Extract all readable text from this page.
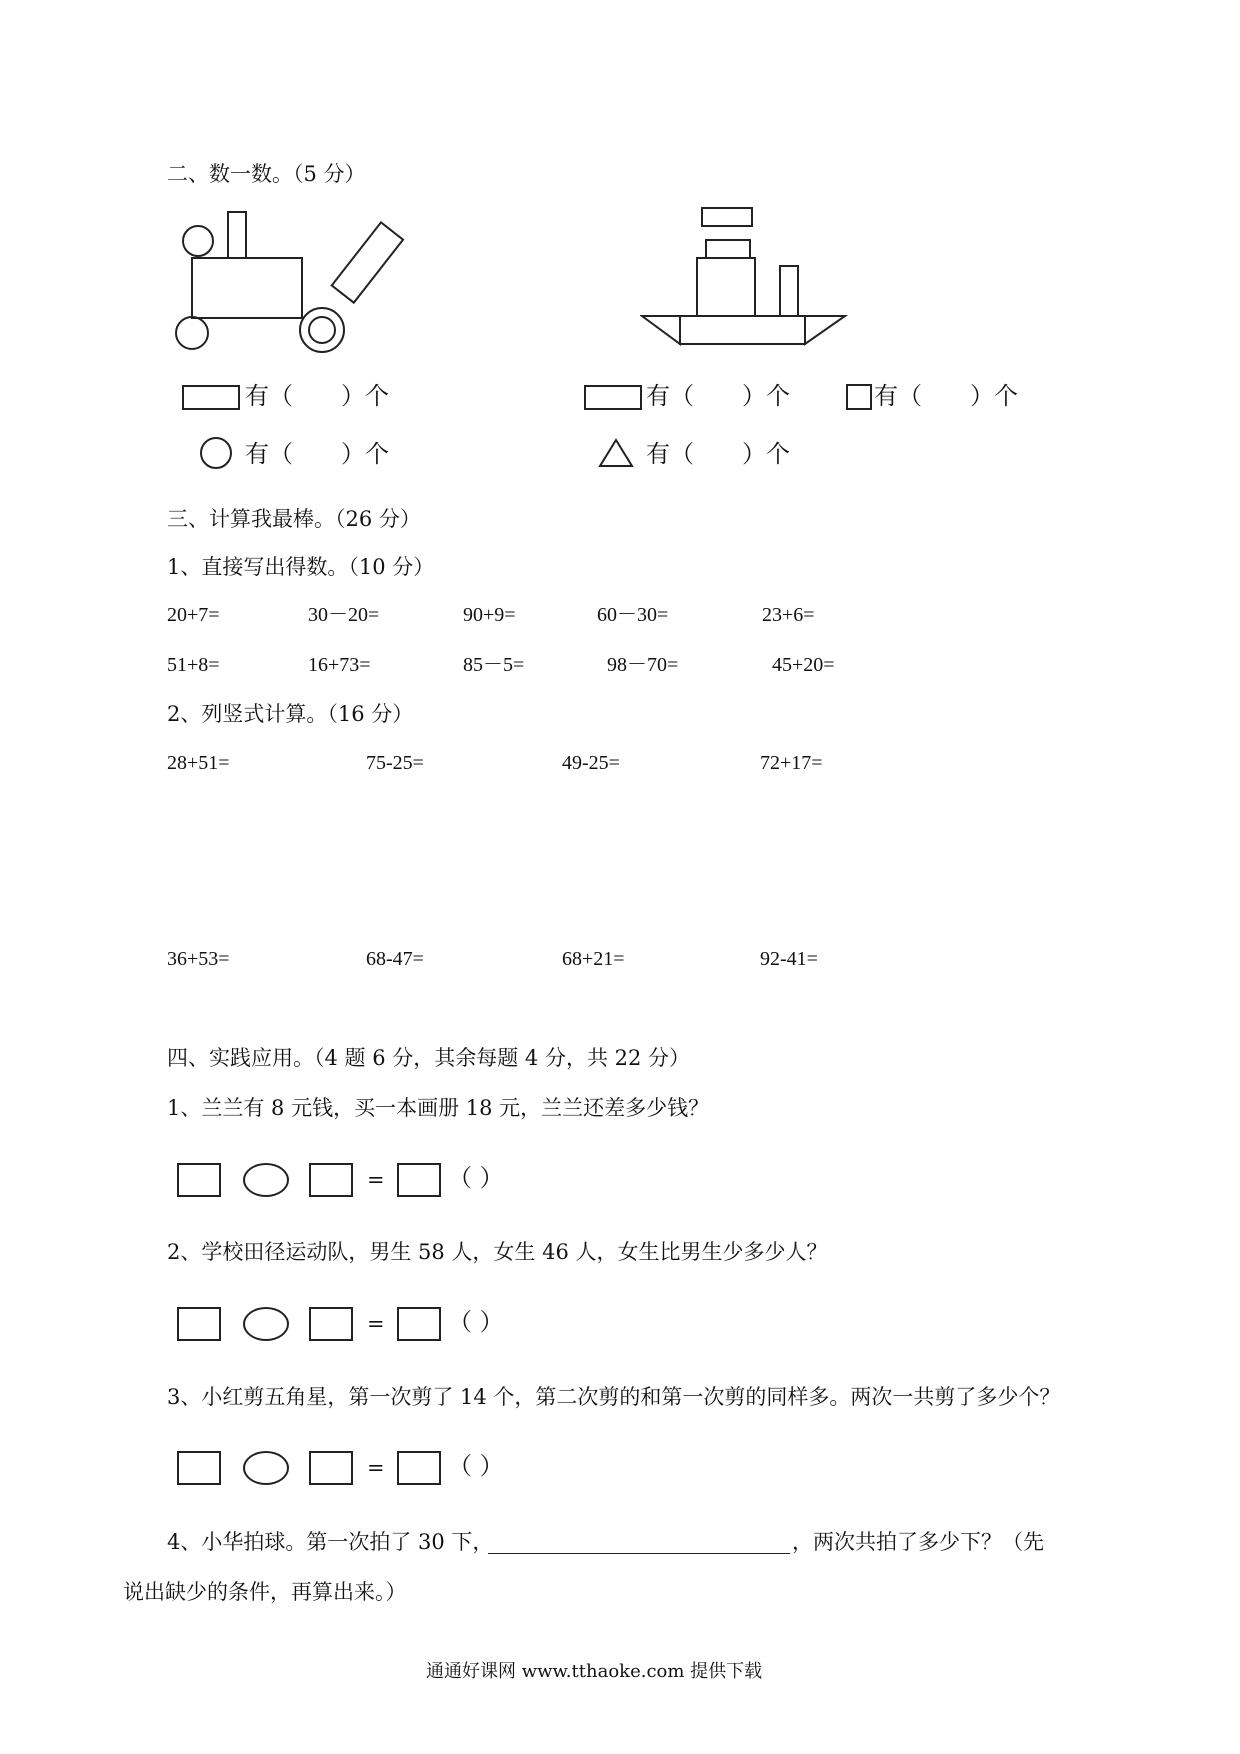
二、数一数。（5 分）
有（　　）个
有（　　）个
有（　　）个	有（　　）个
有（　　）个
三、计算我最棒。（26 分）
1、直接写出得数。（10 分）
20+7=	30－20=	90+9=	60－30=	23+6=
51+8=	16+73=	85－5=	98－70=	45+20=
2、列竖式计算。（16 分）
28+51=	75-25=	49-25=	72+17=
36+53=	68-47=	68+21=	92-41=
四、实践应用。（4 题 6 分，其余每题 4 分，共 22 分）
1、兰兰有 8 元钱，买一本画册 18 元，兰兰还差多少钱？
=	（ ）
2、学校田径运动队，男生 58 人，女生 46 人，女生比男生少多少人？
=	（ ）
3、小红剪五角星，第一次剪了 14 个，第二次剪的和第一次剪的同样多。两次一共剪了多少个？
=	（ ）
4、小华拍球。第一次拍了 30 下，	，两次共拍了多少下？（先
说出缺少的条件，再算出来。）
通通好课网 www.tthaoke.com 提供下载
